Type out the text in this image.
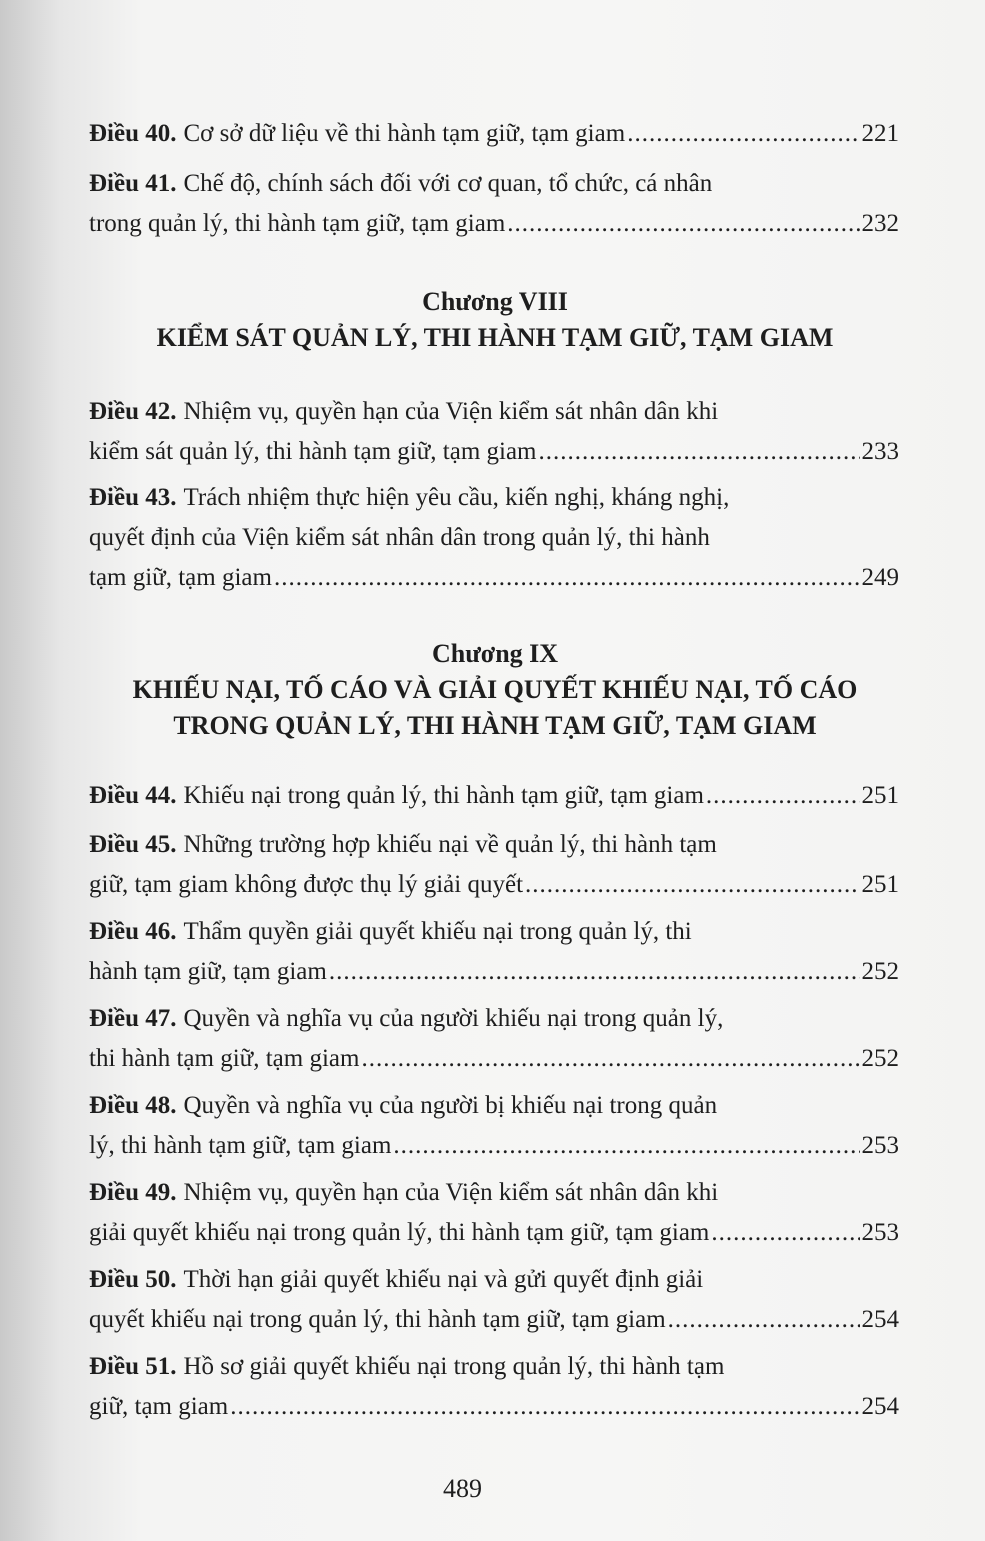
Điều 40. Cơ sở dữ liệu về thi hành tạm giữ, tạm giam .....	221
Điều 41. Chế độ, chính sách đối với cơ quan, tổ chức, cá nhân
trong quản lý, thi hành tạm giữ, tạm giam .....	232
Chương VIII
KIỂM SÁT QUẢN LÝ, THI HÀNH TẠM GIỮ, TẠM GIAM
Điều 42. Nhiệm vụ, quyền hạn của Viện kiểm sát nhân dân khi
kiểm sát quản lý, thi hành tạm giữ, tạm giam .....	233
Điều 43. Trách nhiệm thực hiện yêu cầu, kiến nghị, kháng nghị,
quyết định của Viện kiểm sát nhân dân trong quản lý, thi hành
tạm giữ, tạm giam .....	249
Chương IX
KHIẾU NẠI, TỐ CÁO VÀ GIẢI QUYẾT KHIẾU NẠI, TỐ CÁO
TRONG QUẢN LÝ, THI HÀNH TẠM GIỮ, TẠM GIAM
Điều 44. Khiếu nại trong quản lý, thi hành tạm giữ, tạm giam .....	251
Điều 45. Những trường hợp khiếu nại về quản lý, thi hành tạm
giữ, tạm giam không được thụ lý giải quyết .....	251
Điều 46. Thẩm quyền giải quyết khiếu nại trong quản lý, thi
hành tạm giữ, tạm giam .....	252
Điều 47. Quyền và nghĩa vụ của người khiếu nại trong quản lý,
thi hành tạm giữ, tạm giam .....	252
Điều 48. Quyền và nghĩa vụ của người bị khiếu nại trong quản
lý, thi hành tạm giữ, tạm giam .....	253
Điều 49. Nhiệm vụ, quyền hạn của Viện kiểm sát nhân dân khi
giải quyết khiếu nại trong quản lý, thi hành tạm giữ, tạm giam .....	253
Điều 50. Thời hạn giải quyết khiếu nại và gửi quyết định giải
quyết khiếu nại trong quản lý, thi hành tạm giữ, tạm giam .....	254
Điều 51. Hồ sơ giải quyết khiếu nại trong quản lý, thi hành tạm
giữ, tạm giam .....	254
489
